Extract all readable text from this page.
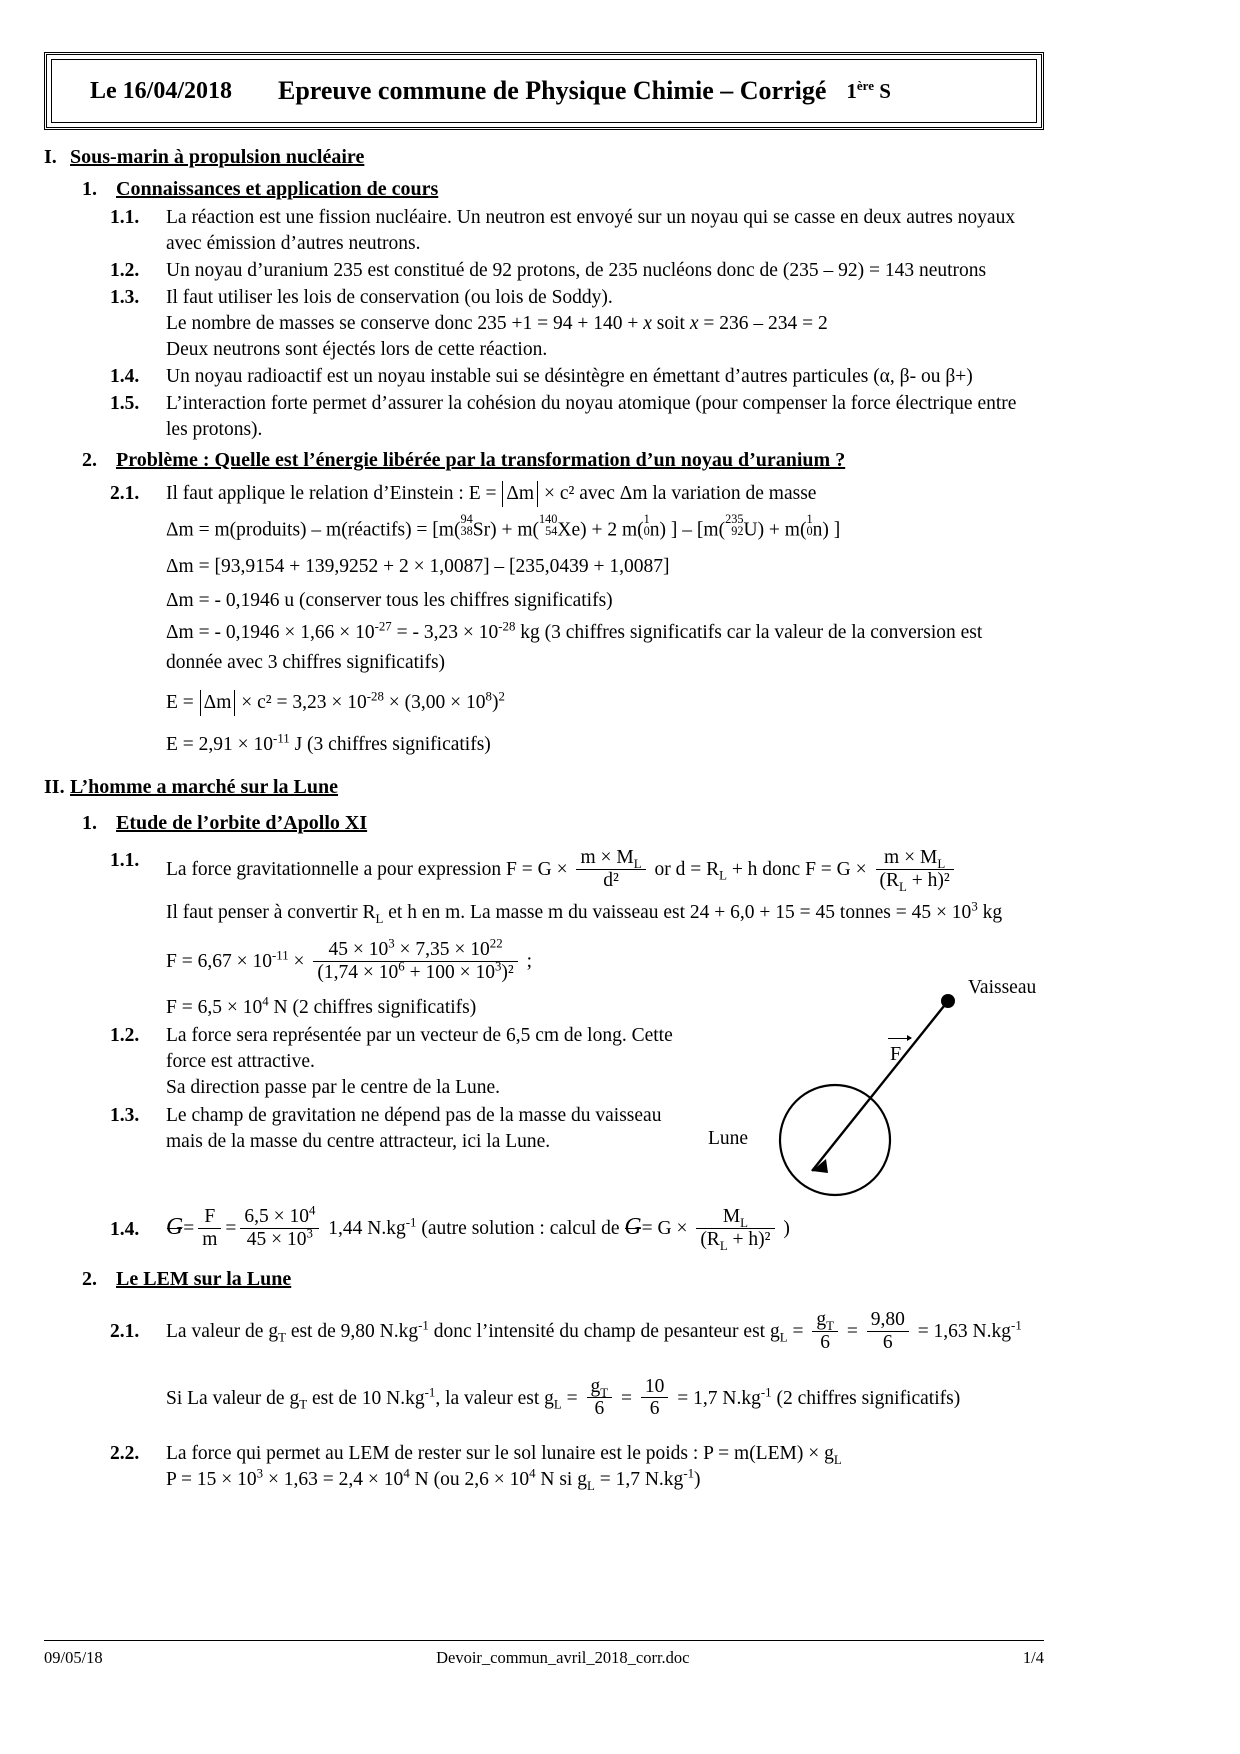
Le 16/04/2018 Epreuve commune de Physique Chimie – Corrigé 1ère S
I. Sous-marin à propulsion nucléaire
1. Connaissances et application de cours
1.1.	La réaction est une fission nucléaire. Un neutron est envoyé sur un noyau qui se casse en deux autres noyaux
avec émission d’autres neutrons.
1.2.	Un noyau d’uranium 235 est constitué de 92 protons, de 235 nucléons donc de (235 – 92) = 143 neutrons
1.3.	Il faut utiliser les lois de conservation (ou lois de Soddy).
Le nombre de masses se conserve donc 235 +1 = 94 + 140 + x soit x = 236 – 234 = 2
Deux neutrons sont éjectés lors de cette réaction.
1.4.	Un noyau radioactif est un noyau instable sui se désintègre en émettant d’autres particules (α, β- ou β+)
1.5.	L’interaction forte permet d’assurer la cohésion du noyau atomique (pour compenser la force électrique entre
les protons).
2. Problème : Quelle est l’énergie libérée par la transformation d’un noyau d’uranium ?
2.1.	Il faut applique le relation d’Einstein : E = Δm × c² avec Δm la variation de masse
Δm = m(produits) – m(réactifs) = [m(
94
38 Sr) + m(
140
54 Xe) + 2 m(
1
0 n) ] – [m(
235
92 U) + m(
1
0 n) ]
Δm = [93,9154 + 139,9252 + 2 × 1,0087] – [235,0439 + 1,0087]
Δm = - 0,1946 u (conserver tous les chiffres significatifs)
Δm = - $0,1946 \times 1,66 \times 10^{-27}$ = - $3,23 \times 10^{-28}$ kg (3 chiffres significatifs car la valeur de la conversion est
donnée avec 3 chiffres significatifs)
$E = \Delta m \times c^2 = 3,23 \times 10^{-28} \times (3,00 \times 10^8)^2$
$E = 2,91 \times 10^{-11}$ J (3 chiffres significatifs)
II. L’homme a marché sur la Lune
1. Etude de l’orbite d’Apollo XI
1.1.	La force gravitationnelle a pour expression $F = G \times \frac{m \times M_L}{\text{d²}}$ or $d = R_L + h$ donc $F = G \times \frac{m \times M_L}{(R_L + h)^2}$
Il faut penser à convertir $R_L$ et h en m. La masse m du vaisseau est 24 + 6,0 + 15 = 45 tonnes = $45 \times 10^3$ kg
$F = 6,67 \times 10^{-11} \times \frac{45 \times 10^3 \times 7,35 \times 10^{22}}{(1,74 \times 10^6 + 100 \times 10^3)^2}$ ;
$F = 6,5 \times 10^4$ N (2 chiffres significatifs)
1.2.	La force sera représentée par un vecteur de 6,5 cm de long. Cette
force est attractive.
Sa direction passe par le centre de la Lune.
1.3.	Le champ de gravitation ne dépend pas de la masse du vaisseau
mais de la masse du centre attracteur, ici la Lune.
1.4.	$G= \frac{F}{m} = \frac{6,5 \times 10^4}{45 \times 10^3} 1,44$ $N.kg^{-1}$ (autre solution : calcul de $G= G \times \frac{M_L}{(R_L + h)^2}$ )
2. Le LEM sur la Lune
2.1.	La valeur de $g_T$ est de 9,80 $N.kg^{-1}$ donc l’intensité du champ de pesanteur est $g_L = \frac{g_T}{6} = \frac{9,80}{6} = 1,63$ $N.kg^{-1}$
Si La valeur de $g_T$ est de 10 $N.kg^{-1}$, la valeur est $g_L = \frac{g_T}{6} = \frac{10}{6} = 1,7$ $N.kg^{-1}$ (2 chiffres significatifs)
2.2.	La force qui permet au LEM de rester sur le sol lunaire est le poids : $P = m(LEM) \times g_L$
$P = 15 \times 10^3 \times 1,63 = 2,4 \times 10^4$ N (ou $2,6 \times 10^4$ N si $g_L = 1,7$ $N.kg^{-1}$)
Vaisseau
Lune
F
09/05/18	Devoir_commun_avril_2018_corr.doc	1/4
